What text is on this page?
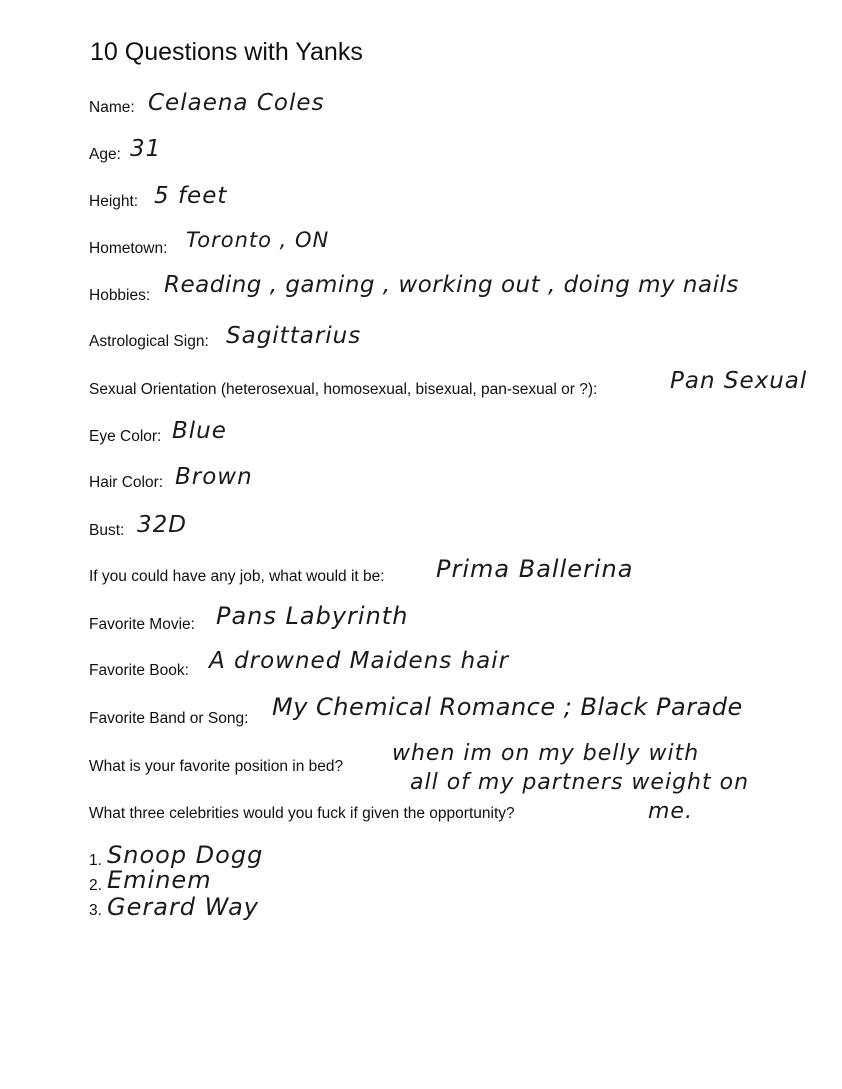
10 Questions with Yanks
Name: Celaena Coles
Age: 31
Height: 5 feet
Hometown: Toronto , ON
Hobbies: Reading , gaming , working out , doing my nails
Astrological Sign: Sagittarius
Sexual Orientation (heterosexual, homosexual, bisexual, pan-sexual or ?):	Pan Sexual
Eye Color: Blue
Hair Color: Brown
Bust: 32D
If you could have any job, what would it be: Prima Ballerina
Favorite Movie: Pans Labyrinth
Favorite Book: A drowned Maidens hair
Favorite Band or Song: My Chemical Romance ; Black Parade
What is your favorite position in bed?
when im on my belly with
all of my partners weight on
me.
What three celebrities would you fuck if given the opportunity?
1. Snoop Dogg
2. Eminem
3. Gerard Way
